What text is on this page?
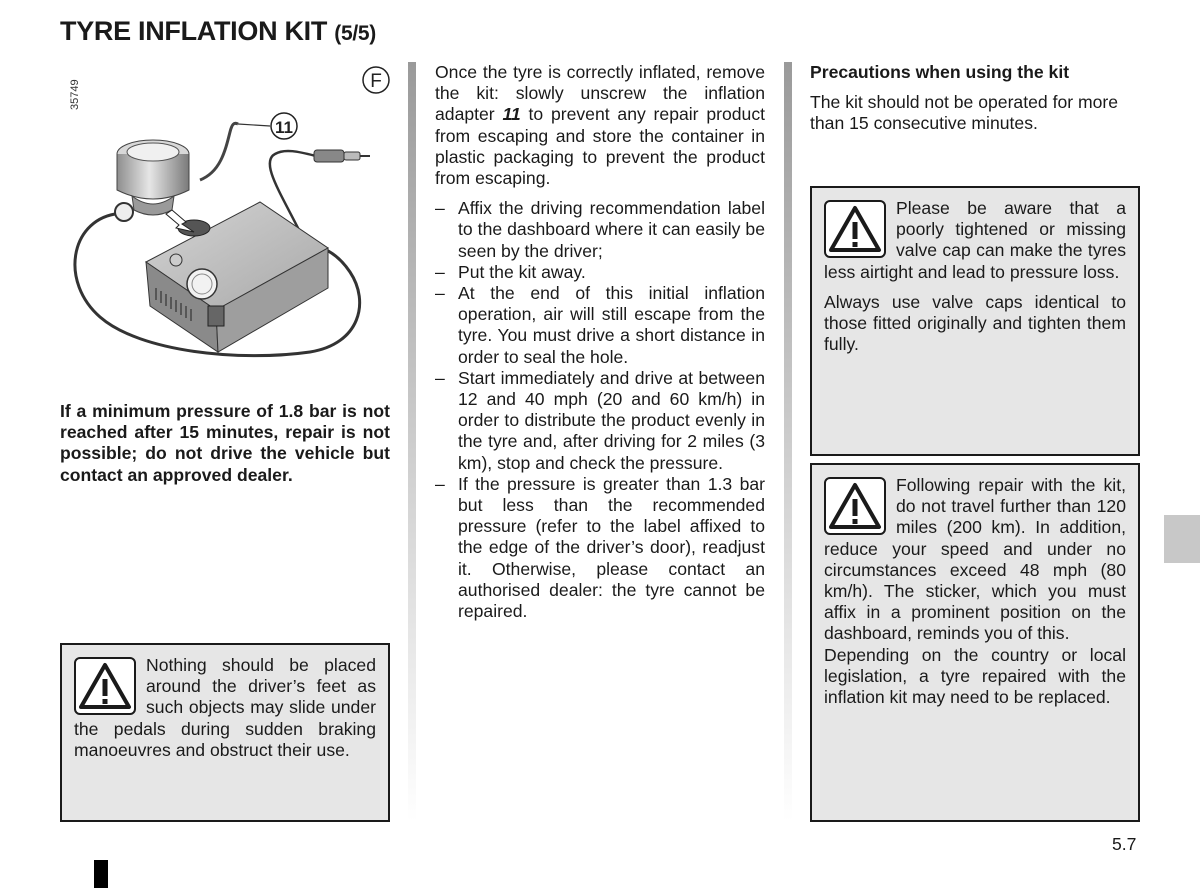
TYRE INFLATION KIT (5/5)
35749	F
11
If a minimum pressure of 1.8 bar is not reached after 15 minutes, repair is not possible; do not drive the vehicle but contact an approved dealer.

Nothing should be placed around the driver’s feet as such objects may slide under the pedals during sudden braking manoeuvres and obstruct their use.

Once the tyre is correctly inflated, remove the kit: slowly unscrew the inflation adapter 11 to prevent any repair product from escaping and store the container in plastic packaging to prevent the product from escaping.

– Affix the driving recommendation label to the dashboard where it can easily be seen by the driver;
– Put the kit away.
– At the end of this initial inflation operation, air will still escape from the tyre. You must drive a short distance in order to seal the hole.
– Start immediately and drive at between 12 and 40 mph (20 and 60 km/h) in order to distribute the product evenly in the tyre and, after driving for 2 miles (3 km), stop and check the pressure.
– If the pressure is greater than 1.3 bar but less than the recommended pressure (refer to the label affixed to the edge of the driver’s door), readjust it. Otherwise, please contact an authorised dealer: the tyre cannot be repaired.
Precautions when using the kit
The kit should not be operated for more than 15 consecutive minutes.

Please be aware that a poorly tightened or missing valve cap can make the tyres less airtight and lead to pressure loss.

Always use valve caps identical to those fitted originally and tighten them fully.

Following repair with the kit, do not travel further than 120 miles (200 km). In addition, reduce your speed and under no circumstances exceed 48 mph (80 km/h). The sticker, which you must affix in a prominent position on the dashboard, reminds you of this.

Depending on the country or local legislation, a tyre repaired with the inflation kit may need to be replaced.

5.7
